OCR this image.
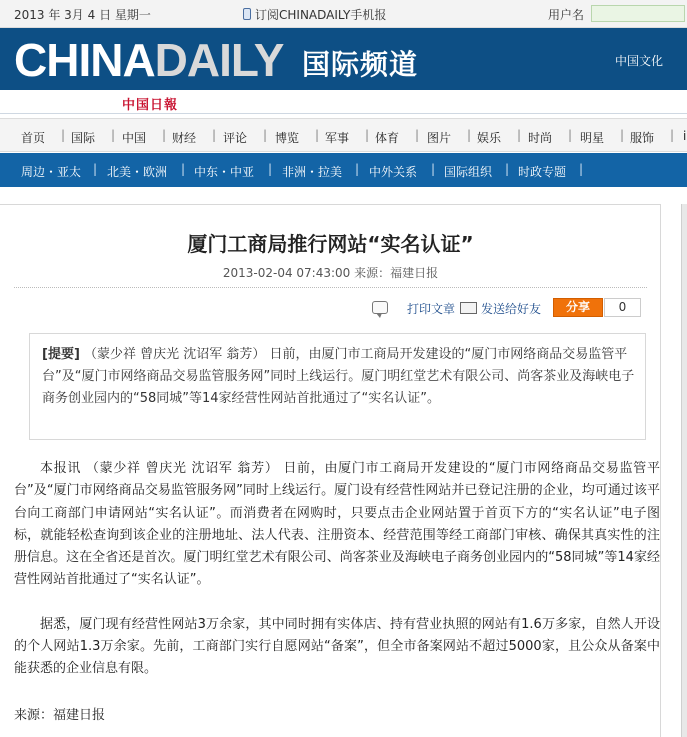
2013 年 3月 4 日 星期一	订阅CHINADAILY手机报	用户名
CHINADAILY 国际频道	中国文化
中国日報
首页 | 国际 | 中国 | 财经 | 评论 | 博览 | 军事 | 体育 | 图片 | 娱乐 | 时尚 | 明星 | 服饰 | i
周边・亚太 | 北美・欧洲 | 中东・中亚 | 非洲・拉美 | 中外关系 | 国际组织 | 时政专题 |
厦门工商局推行网站“实名认证”
2013-02-04 07:43:00 来源：福建日报
打印文章 发送给好友	分享	0
[提要] （蒙少祥 曾庆光 沈诏军 翁芳） 日前，由厦门市工商局开发建设的“厦门市网络商品交易监管平台”及“厦门市网络商品交易监管服务网”同时上线运行。厦门明红堂艺术有限公司、尚客茶业及海峡电子商务创业园内的“58同城”等14家经营性网站首批通过了“实名认证”。

本报讯 （蒙少祥 曾庆光 沈诏军 翁芳） 日前，由厦门市工商局开发建设的“厦门市网络商品交易监管平台”及“厦门市网络商品交易监管服务网”同时上线运行。厦门设有经营性网站并已登记注册的企业，均可通过该平台向工商部门申请网站“实名认证”。而消费者在网购时，只要点击企业网站置于首页下方的“实名认证”电子图标，就能轻松查询到该企业的注册地址、法人代表、注册资本、经营范围等经工商部门审核、确保其真实性的注册信息。这在全省还是首次。厦门明红堂艺术有限公司、尚客茶业及海峡电子商务创业园内的“58同城”等14家经营性网站首批通过了“实名认证”。

据悉，厦门现有经营性网站3万余家，其中同时拥有实体店、持有营业执照的网站有1.6万多家，自然人开设的个人网站1.3万余家。先前，工商部门实行自愿网站“备案”，但全市备案网站不超过5000家，且公众从备案中能获悉的企业信息有限。

来源：福建日报
